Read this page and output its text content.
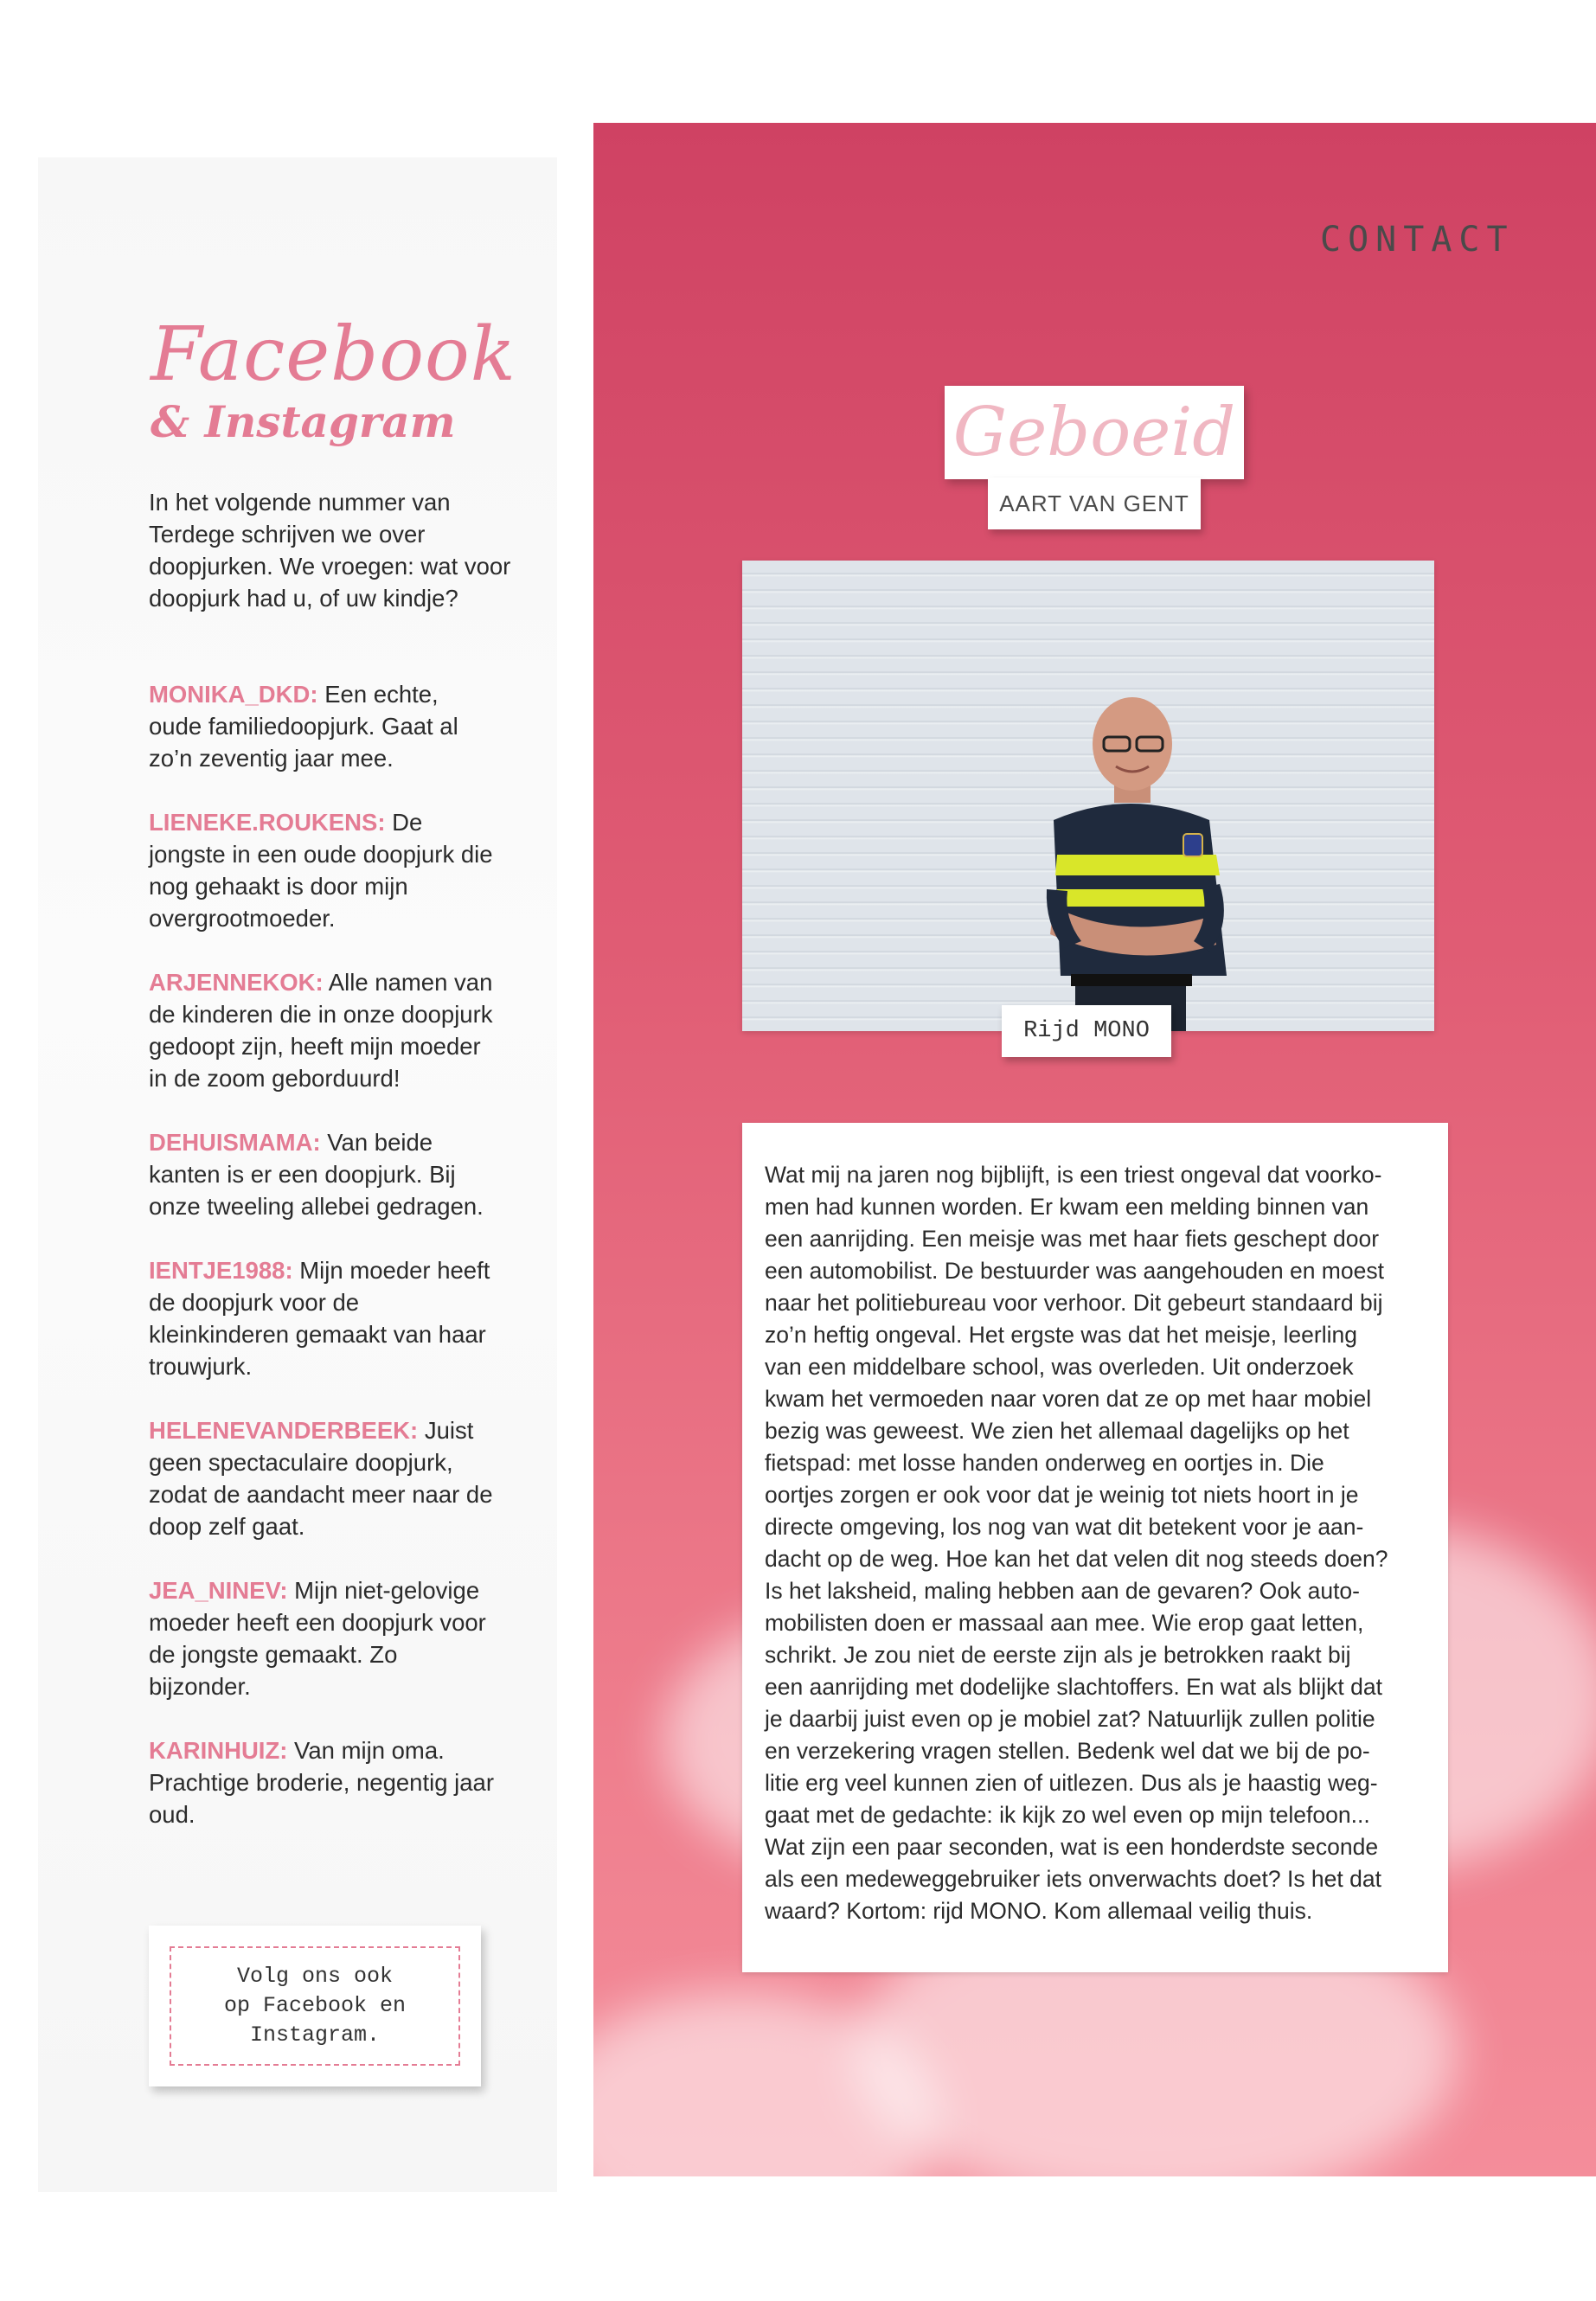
Facebook
& Instagram

In het volgende nummer van Terdege schrijven we over doopjurken. We vroegen: wat voor doopjurk had u, of uw kindje?

MONIKA_DKD: Een echte, oude familiedoopjurk. Gaat al zo’n zeventig jaar mee.

LIENEKE.ROUKENS: De jongste in een oude doopjurk die nog gehaakt is door mijn overgrootmoeder.

ARJENNEKOK: Alle namen van de kinderen die in onze doopjurk gedoopt zijn, heeft mijn moeder in de zoom geborduurd!

DEHUISMAMA: Van beide kanten is er een doopjurk. Bij onze tweeling allebei gedragen.

IENTJE1988: Mijn moeder heeft de doopjurk voor de kleinkinderen gemaakt van haar trouwjurk.

HELENEVANDERBEEK: Juist geen spectaculaire doopjurk, zodat de aandacht meer naar de doop zelf gaat.

JEA_NINEV: Mijn niet-gelovige moeder heeft een doopjurk voor de jongste gemaakt. Zo bijzonder.

KARINHUIZ: Van mijn oma. Prachtige broderie, negentig jaar oud.

Volg ons ook op Facebook en Instagram.

CONTACT
Geboeid
AART VAN GENT
Rijd MONO

Wat mij na jaren nog bijblijft, is een triest ongeval dat voorko-
men had kunnen worden. Er kwam een melding binnen van
een aanrijding. Een meisje was met haar fiets geschept door
een automobilist. De bestuurder was aangehouden en moest
naar het politiebureau voor verhoor. Dit gebeurt standaard bij
zo’n heftig ongeval. Het ergste was dat het meisje, leerling
van een middelbare school, was overleden. Uit onderzoek
kwam het vermoeden naar voren dat ze op met haar mobiel
bezig was geweest. We zien het allemaal dagelijks op het
fietspad: met losse handen onderweg en oortjes in. Die
oortjes zorgen er ook voor dat je weinig tot niets hoort in je
directe omgeving, los nog van wat dit betekent voor je aan-
dacht op de weg. Hoe kan het dat velen dit nog steeds doen?
Is het laksheid, maling hebben aan de gevaren? Ook auto-
mobilisten doen er massaal aan mee. Wie erop gaat letten,
schrikt. Je zou niet de eerste zijn als je betrokken raakt bij
een aanrijding met dodelijke slachtoffers. En wat als blijkt dat
je daarbij juist even op je mobiel zat? Natuurlijk zullen politie
en verzekering vragen stellen. Bedenk wel dat we bij de po-
litie erg veel kunnen zien of uitlezen. Dus als je haastig weg-
gaat met de gedachte: ik kijk zo wel even op mijn telefoon...
Wat zijn een paar seconden, wat is een honderdste seconde
als een medeweggebruiker iets onverwachts doet? Is het dat
waard? Kortom: rijd MONO. Kom allemaal veilig thuis.
